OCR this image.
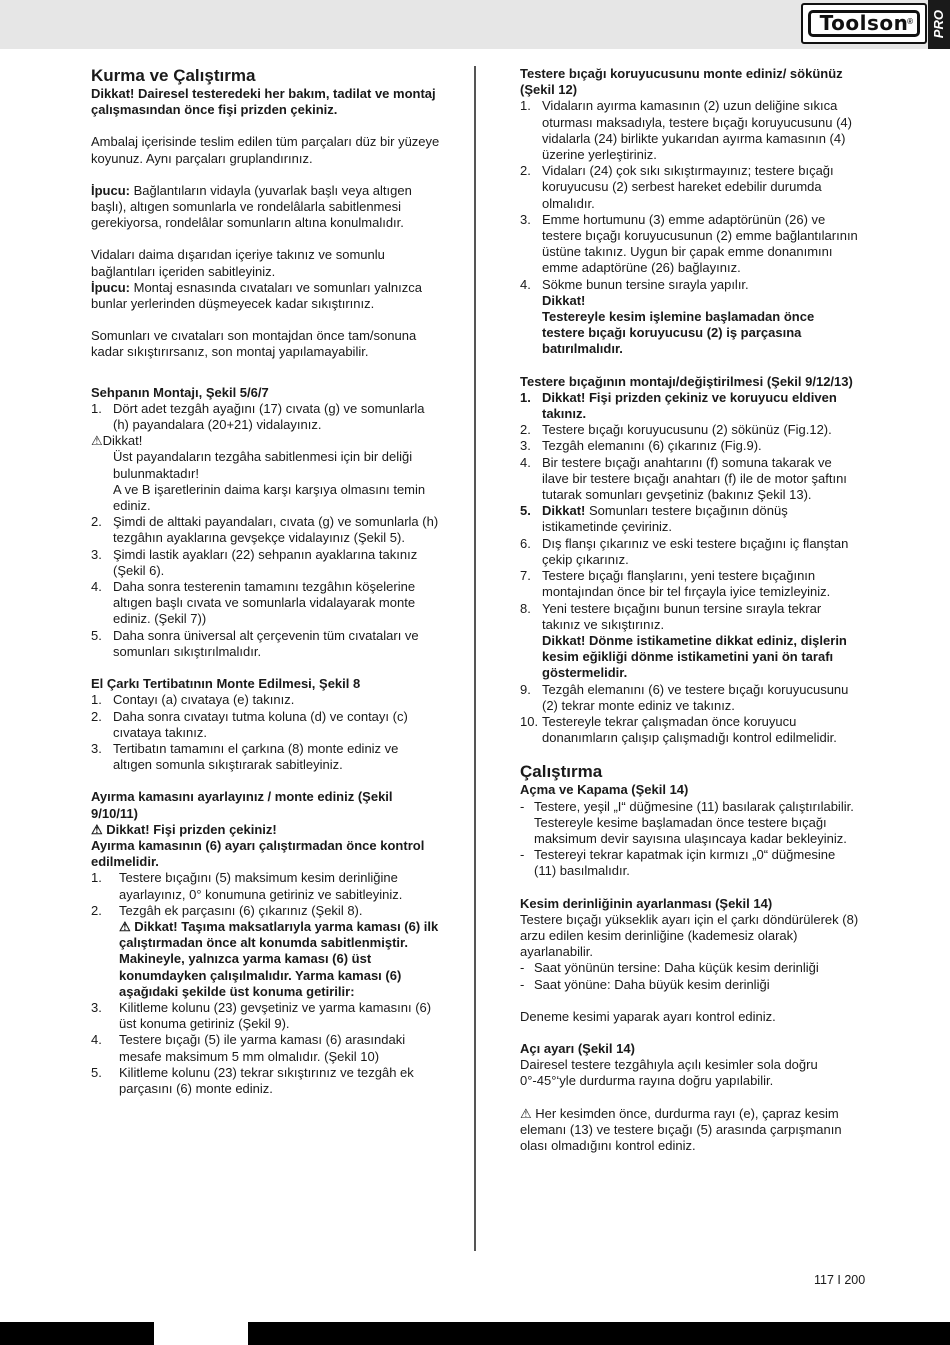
Toolson
® PRO
Kurma ve Çalıştırma

Dikkat! Dairesel testeredeki her bakım, tadilat ve montaj çalışmasından önce fişi prizden çekiniz.

Ambalaj içerisinde teslim edilen tüm parçaları düz bir yüzeye koyunuz. Aynı parçaları gruplandırınız.

İpucu: Bağlantıların vidayla (yuvarlak başlı veya altıgen başlı), altıgen somunlarla ve rondelâlarla sabitlenmesi gerekiyorsa, rondelâlar somunların altına konulmalıdır.

Vidaları daima dışarıdan içeriye takınız ve somunlu bağlantıları içeriden sabitleyiniz.

İpucu: Montaj esnasında cıvataları ve somunları yalnızca bunlar yerlerinden düşmeyecek kadar sıkıştırınız.

Somunları ve cıvataları son montajdan önce tam/sonuna kadar sıkıştırırsanız, son montaj yapılamayabilir.

Sehpanın Montajı, Şekil 5/6/7
1. Dört adet tezgâh ayağını (17) cıvata (g) ve somunlarla (h) payandalara (20+21) vidalayınız.

⚠Dikkat!

Üst payandaların tezgâha sabitlenmesi için bir deliği bulunmaktadır!

A ve B işaretlerinin daima karşı karşıya olmasını temin ediniz.

2. Şimdi de alttaki payandaları, cıvata (g) ve somunlarla (h) tezgâhın ayaklarına gevşekçe vidalayınız (Şekil 5).
3. Şimdi lastik ayakları (22) sehpanın ayaklarına takınız (Şekil 6).
4. Daha sonra testerenin tamamını tezgâhın köşelerine altıgen başlı cıvata ve somunlarla vidalayarak monte ediniz. (Şekil 7))
5. Daha sonra üniversal alt çerçevenin tüm cıvataları ve somunları sıkıştırılmalıdır.
El Çarkı Tertibatının Monte Edilmesi, Şekil 8
1. Contayı (a) cıvataya (e) takınız.
2. Daha sonra cıvatayı tutma koluna (d) ve contayı (c) cıvataya takınız.
3. Tertibatın tamamını el çarkına (8) monte ediniz ve altıgen somunla sıkıştırarak sabitleyiniz.
Ayırma kamasını ayarlayınız / monte ediniz (Şekil 9/10/11)

⚠ Dikkat! Fişi prizden çekiniz!

Ayırma kamasının (6) ayarı çalıştırmadan önce kontrol edilmelidir.

1.	Testere bıçağını (5) maksimum kesim derinliğine ayarlayınız, 0° konumuna getiriniz ve sabitleyiniz.
2.	Tezgâh ek parçasını (6) çıkarınız (Şekil 8).

⚠ Dikkat! Taşıma maksatlarıyla yarma kaması (6) ilk çalıştırmadan önce alt konumda sabitlenmiştir. Makineyle, yalnızca yarma kaması (6) üst konumdayken çalışılmalıdır. Yarma kaması (6) aşağıdaki şekilde üst konuma getirilir:

3.	Kilitleme kolunu (23) gevşetiniz ve yarma kamasını (6) üst konuma getiriniz (Şekil 9).
4.	Testere bıçağı (5) ile yarma kaması (6) arasındaki mesafe maksimum 5 mm olmalıdır. (Şekil 10)
5.	Kilitleme kolunu (23) tekrar sıkıştırınız ve tezgâh ek parçasını (6) monte ediniz.
Testere bıçağı koruyucusunu monte ediniz/ sökünüz (Şekil 12)
1. Vidaların ayırma kamasının (2) uzun deliğine sıkıca oturması maksadıyla, testere bıçağı koruyucusunu (4) vidalarla (24) birlikte yukarıdan ayırma kamasının (4) üzerine yerleştiriniz.
2. Vidaları (24) çok sıkı sıkıştırmayınız; testere bıçağı koruyucusu (2) serbest hareket edebilir durumda olmalıdır.
3. Emme hortumunu (3) emme adaptörünün (26) ve testere bıçağı koruyucusunun (2) emme bağlantılarının üstüne takınız. Uygun bir çapak emme donanımını emme adaptörüne (26) bağlayınız.
4. Sökme bunun tersine sırayla yapılır.

Dikkat!

Testereyle kesim işlemine başlamadan önce testere bıçağı koruyucusu (2) iş parçasına batırılmalıdır.

Testere bıçağının montajı/değiştirilmesi (Şekil 9/12/13)
1. Dikkat! Fişi prizden çekiniz ve koruyucu eldiven takınız.
2. Testere bıçağı koruyucusunu (2) sökünüz (Fig.12).
3. Tezgâh elemanını (6) çıkarınız (Fig.9).
4. Bir testere bıçağı anahtarını (f) somuna takarak ve ilave bir testere bıçağı anahtarı (f) ile de motor şaftını tutarak somunları gevşetiniz (bakınız Şekil 13).
5. Dikkat! Somunları testere bıçağının dönüş istikametinde çeviriniz.
6. Dış flanşı çıkarınız ve eski testere bıçağını iç flanştan çekip çıkarınız.
7. Testere bıçağı flanşlarını, yeni testere bıçağının montajından önce bir tel fırçayla iyice temizleyiniz.
8. Yeni testere bıçağını bunun tersine sırayla tekrar takınız ve sıkıştırınız.

Dikkat! Dönme istikametine dikkat ediniz, dişlerin kesim eğikliği dönme istikametini yani ön tarafı göstermelidir.

9. Tezgâh elemanını (6) ve testere bıçağı koruyucusunu (2) tekrar monte ediniz ve takınız.
10. Testereyle tekrar çalışmadan önce koruyucu donanımların çalışıp çalışmadığı kontrol edilmelidir.
Çalıştırma
Açma ve Kapama (Şekil 14)
- Testere, yeşil „I“ düğmesine (11) basılarak çalıştırılabilir. Testereyle kesime başlamadan önce testere bıçağı maksimum devir sayısına ulaşıncaya kadar bekleyiniz.
- Testereyi tekrar kapatmak için kırmızı „0“ düğmesine (11) basılmalıdır.
Kesim derinliğinin ayarlanması (Şekil 14)

Testere bıçağı yükseklik ayarı için el çarkı döndürülerek (8) arzu edilen kesim derinliğine (kademesiz olarak) ayarlanabilir.

- Saat yönünün tersine: Daha küçük kesim derinliği
- Saat yönüne: Daha büyük kesim derinliği

Deneme kesimi yaparak ayarı kontrol ediniz.

Açı ayarı (Şekil 14)

Dairesel testere tezgâhıyla açılı kesimler sola doğru 0°-45°‘yle durdurma rayına doğru yapılabilir.

⚠ Her kesimden önce, durdurma rayı (e), çapraz kesim elemanı (13) ve testere bıçağı (5) arasında çarpışmanın olası olmadığını kontrol ediniz.

117 I 200
